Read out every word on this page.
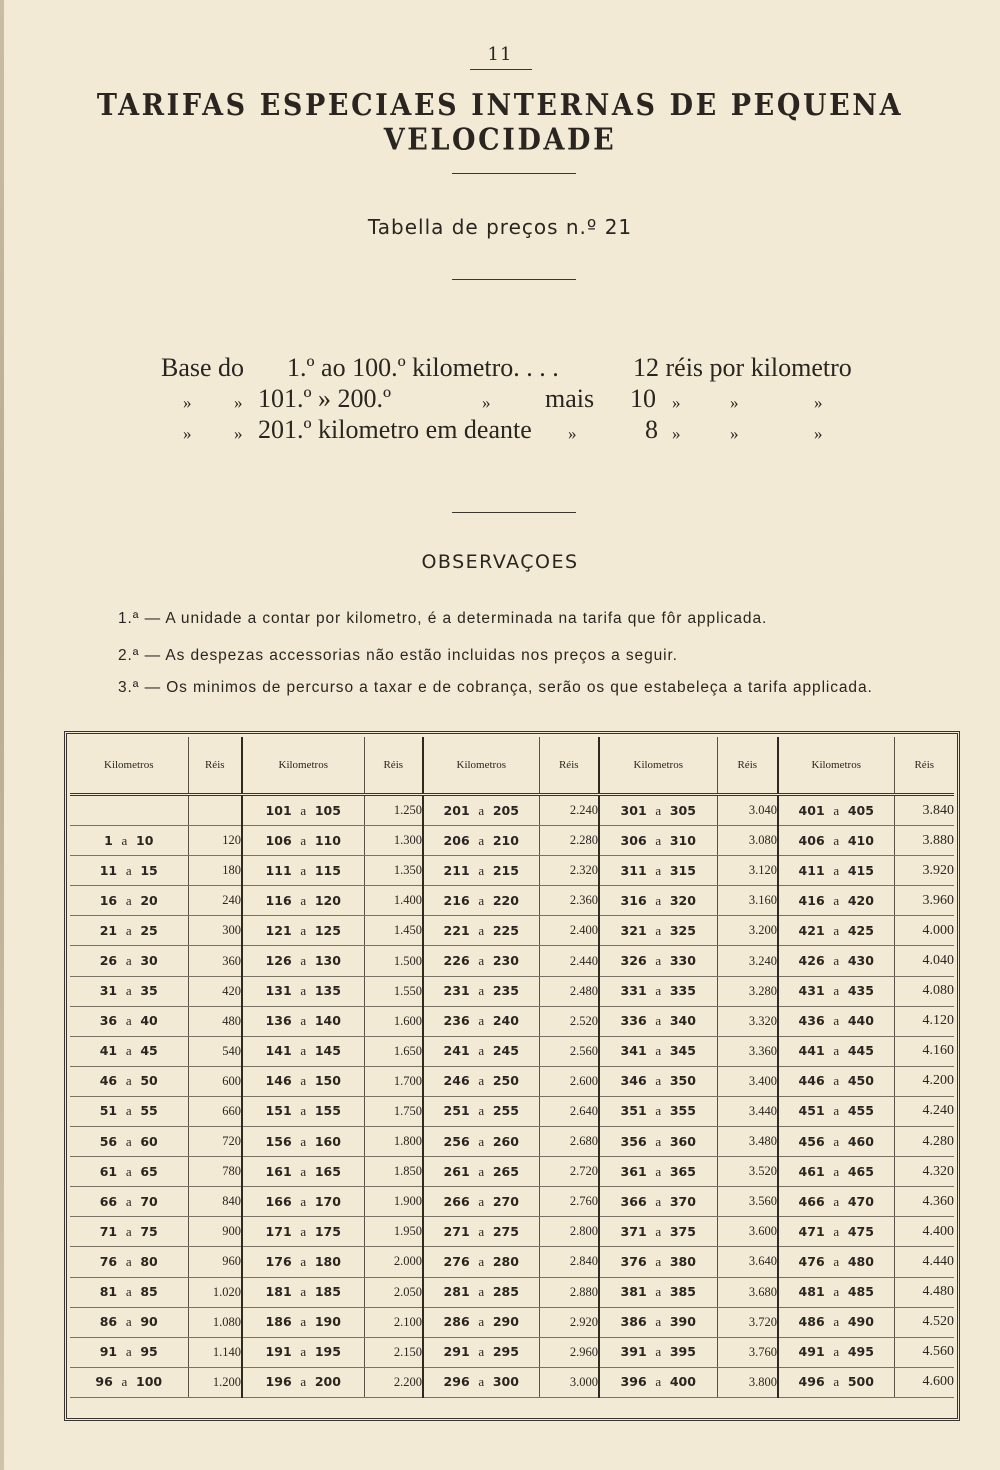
11
TARIFAS ESPECIAES INTERNAS DE PEQUENA VELOCIDADE
Tabella de preços n.º 21
Base do 1.º ao 100.º kilometro. . . .	12 réis por kilometro
»	» 101.º » 200.º	» mais 10 »	»	»
»	» 201.º kilometro em deante »	8 »	»	»
OBSERVAÇOES
1.ª — A unidade a contar por kilometro, é a determinada na tarifa que fôr applicada.
2.ª — As despezas accessorias não estão incluidas nos preços a seguir.
3.ª — Os minimos de percurso a taxar e de cobrança, serão os que estabeleça a tarifa applicada.
Kilometros	Réis	Kilometros	Réis	Kilometros	Réis	Kilometros	Réis	Kilometros	Réis
		101 a 105	1.250	201 a 205	2.240	301 a 305	3.040	401 a 405	3.840
1 a 10	120	106 a 110	1.300	206 a 210	2.280	306 a 310	3.080	406 a 410	3.880
11 a 15	180	111 a 115	1.350	211 a 215	2.320	311 a 315	3.120	411 a 415	3.920
16 a 20	240	116 a 120	1.400	216 a 220	2.360	316 a 320	3.160	416 a 420	3.960
21 a 25	300	121 a 125	1.450	221 a 225	2.400	321 a 325	3.200	421 a 425	4.000
26 a 30	360	126 a 130	1.500	226 a 230	2.440	326 a 330	3.240	426 a 430	4.040
31 a 35	420	131 a 135	1.550	231 a 235	2.480	331 a 335	3.280	431 a 435	4.080
36 a 40	480	136 a 140	1.600	236 a 240	2.520	336 a 340	3.320	436 a 440	4.120
41 a 45	540	141 a 145	1.650	241 a 245	2.560	341 a 345	3.360	441 a 445	4.160
46 a 50	600	146 a 150	1.700	246 a 250	2.600	346 a 350	3.400	446 a 450	4.200
51 a 55	660	151 a 155	1.750	251 a 255	2.640	351 a 355	3.440	451 a 455	4.240
56 a 60	720	156 a 160	1.800	256 a 260	2.680	356 a 360	3.480	456 a 460	4.280
61 a 65	780	161 a 165	1.850	261 a 265	2.720	361 a 365	3.520	461 a 465	4.320
66 a 70	840	166 a 170	1.900	266 a 270	2.760	366 a 370	3.560	466 a 470	4.360
71 a 75	900	171 a 175	1.950	271 a 275	2.800	371 a 375	3.600	471 a 475	4.400
76 a 80	960	176 a 180	2.000	276 a 280	2.840	376 a 380	3.640	476 a 480	4.440
81 a 85	1.020	181 a 185	2.050	281 a 285	2.880	381 a 385	3.680	481 a 485	4.480
86 a 90	1.080	186 a 190	2.100	286 a 290	2.920	386 a 390	3.720	486 a 490	4.520
91 a 95	1.140	191 a 195	2.150	291 a 295	2.960	391 a 395	3.760	491 a 495	4.560
96 a 100	1.200	196 a 200	2.200	296 a 300	3.000	396 a 400	3.800	496 a 500	4.600
